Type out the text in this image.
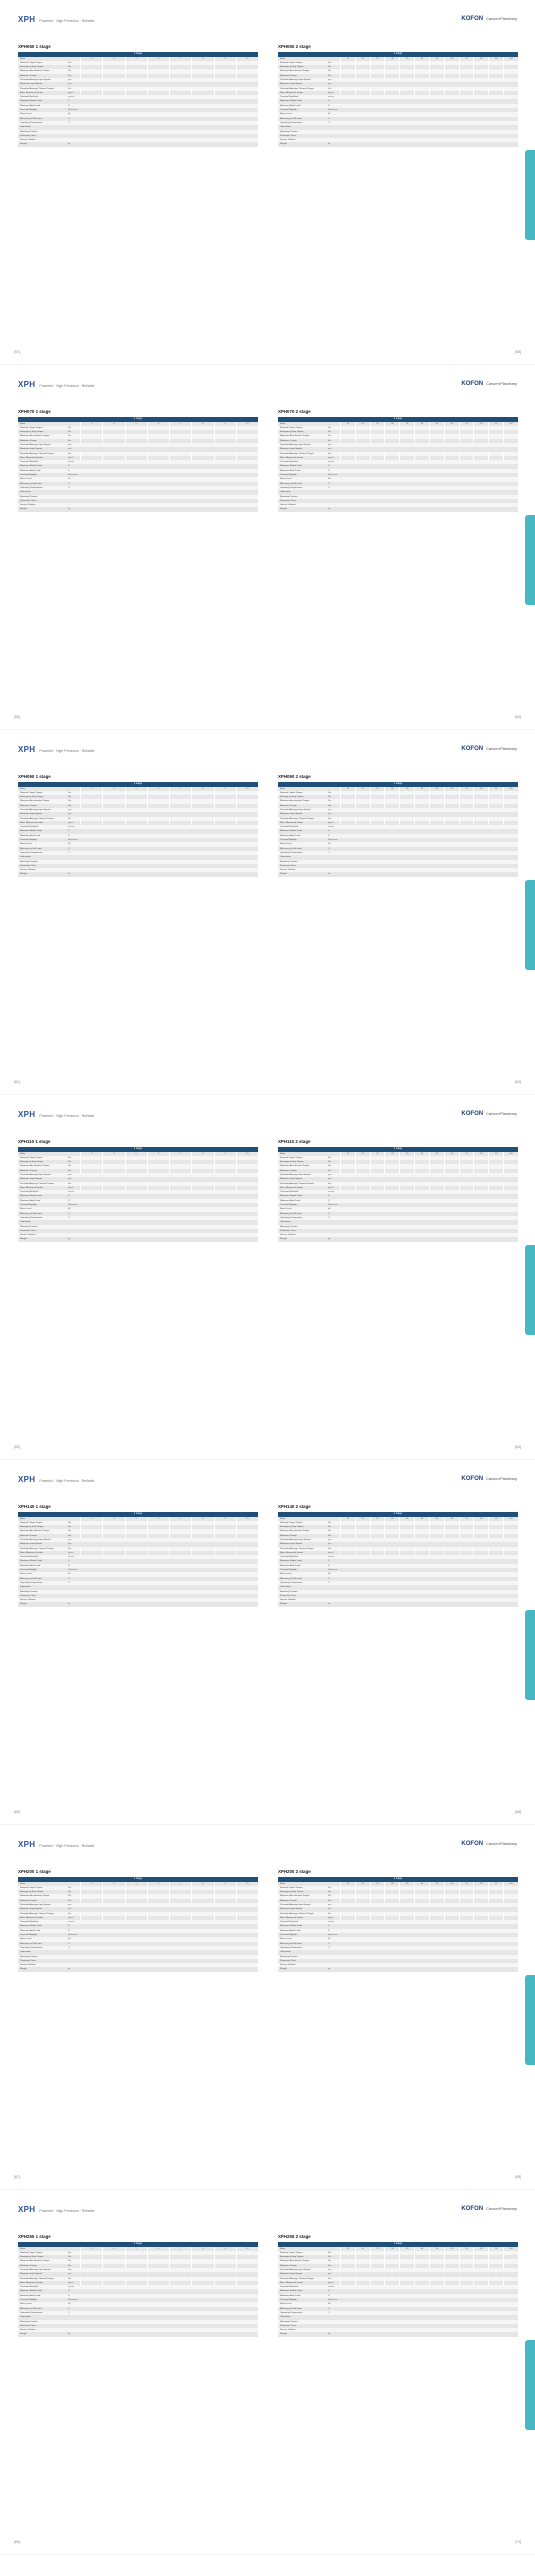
XPH Powerful · High Precision · Reliable	KOFON Cancer/Planetary
XPH050 1 stage
1 stage
Ratio	3	4	5	6	7	8	9	10
Nominal Output Torque	Nm
Emergency Stop Torque	Nm
Maximum Acceleration Torque	Nm
Maximum Torque	Nm
Permitted Average Input Speed	rpm
Maximum Input Speed	rpm
Permitted Average Thermal Torque	Nm
Mass Moment of Inertia	kgcm²
Torsional Backlash	arcmin
Maximum Radial Load	N
Maximum Axial Load	N
Torsional Rigidity	Nm/arcmin
Noise Level	dB
Efficiency at Full Load	%
Operating Temperature	°C
Lubrication
Mounting Position
Protection Class
Service Lifetime
Weight	kg
XPH050 2 stage
1 stage
Ratio	15	20	25	30	35	40	50	60	70	80	90	100
Nominal Output Torque	Nm
Emergency Stop Torque	Nm
Maximum Acceleration Torque	Nm
Maximum Torque	Nm
Permitted Average Input Speed	rpm
Maximum Input Speed	rpm
Permitted Average Thermal Torque	Nm
Mass Moment of Inertia	kgcm²
Torsional Backlash	arcmin
Maximum Radial Load	N
Maximum Axial Load	N
Torsional Rigidity	Nm/arcmin
Noise Level	dB
Efficiency at Full Load	%
Operating Temperature	°C
Lubrication
Mounting Position
Protection Class
Service Lifetime
Weight	kg
[57]	[58]
XPH Powerful · High Precision · Reliable	KOFON Cancer/Planetary
XPH070 1 stage
1 stage
Ratio	3	4	5	6	7	8	9	10
Nominal Output Torque	Nm
Emergency Stop Torque	Nm
Maximum Acceleration Torque	Nm
Maximum Torque	Nm
Permitted Average Input Speed	rpm
Maximum Input Speed	rpm
Permitted Average Thermal Torque	Nm
Mass Moment of Inertia	kgcm²
Torsional Backlash	arcmin
Maximum Radial Load	N
Maximum Axial Load	N
Torsional Rigidity	Nm/arcmin
Noise Level	dB
Efficiency at Full Load	%
Operating Temperature	°C
Lubrication
Mounting Position
Protection Class
Service Lifetime
Weight	kg
XPH070 2 stage
1 stage
Ratio	15	20	25	30	35	40	50	60	70	80	90	100
Nominal Output Torque	Nm
Emergency Stop Torque	Nm
Maximum Acceleration Torque	Nm
Maximum Torque	Nm
Permitted Average Input Speed	rpm
Maximum Input Speed	rpm
Permitted Average Thermal Torque	Nm
Mass Moment of Inertia	kgcm²
Torsional Backlash	arcmin
Maximum Radial Load	N
Maximum Axial Load	N
Torsional Rigidity	Nm/arcmin
Noise Level	dB
Efficiency at Full Load	%
Operating Temperature	°C
Lubrication
Mounting Position
Protection Class
Service Lifetime
Weight	kg
[59]	[60]
XPH Powerful · High Precision · Reliable	KOFON Cancer/Planetary
XPH090 1 stage
1 stage
Ratio	3	4	5	6	7	8	9	10
Nominal Output Torque	Nm
Emergency Stop Torque	Nm
Maximum Acceleration Torque	Nm
Maximum Torque	Nm
Permitted Average Input Speed	rpm
Maximum Input Speed	rpm
Permitted Average Thermal Torque	Nm
Mass Moment of Inertia	kgcm²
Torsional Backlash	arcmin
Maximum Radial Load	N
Maximum Axial Load	N
Torsional Rigidity	Nm/arcmin
Noise Level	dB
Efficiency at Full Load	%
Operating Temperature	°C
Lubrication
Mounting Position
Protection Class
Service Lifetime
Weight	kg
XPH090 2 stage
1 stage
Ratio	15	20	25	30	35	40	50	60	70	80	90	100
Nominal Output Torque	Nm
Emergency Stop Torque	Nm
Maximum Acceleration Torque	Nm
Maximum Torque	Nm
Permitted Average Input Speed	rpm
Maximum Input Speed	rpm
Permitted Average Thermal Torque	Nm
Mass Moment of Inertia	kgcm²
Torsional Backlash	arcmin
Maximum Radial Load	N
Maximum Axial Load	N
Torsional Rigidity	Nm/arcmin
Noise Level	dB
Efficiency at Full Load	%
Operating Temperature	°C
Lubrication
Mounting Position
Protection Class
Service Lifetime
Weight	kg
[61]	[62]
XPH Powerful · High Precision · Reliable	KOFON Cancer/Planetary
XPH110 1 stage
1 stage
Ratio	3	4	5	6	7	8	9	10
Nominal Output Torque	Nm
Emergency Stop Torque	Nm
Maximum Acceleration Torque	Nm
Maximum Torque	Nm
Permitted Average Input Speed	rpm
Maximum Input Speed	rpm
Permitted Average Thermal Torque	Nm
Mass Moment of Inertia	kgcm²
Torsional Backlash	arcmin
Maximum Radial Load	N
Maximum Axial Load	N
Torsional Rigidity	Nm/arcmin
Noise Level	dB
Efficiency at Full Load	%
Operating Temperature	°C
Lubrication
Mounting Position
Protection Class
Service Lifetime
Weight	kg
XPH110 2 stage
1 stage
Ratio	15	20	25	30	35	40	50	60	70	80	90	100
Nominal Output Torque	Nm
Emergency Stop Torque	Nm
Maximum Acceleration Torque	Nm
Maximum Torque	Nm
Permitted Average Input Speed	rpm
Maximum Input Speed	rpm
Permitted Average Thermal Torque	Nm
Mass Moment of Inertia	kgcm²
Torsional Backlash	arcmin
Maximum Radial Load	N
Maximum Axial Load	N
Torsional Rigidity	Nm/arcmin
Noise Level	dB
Efficiency at Full Load	%
Operating Temperature	°C
Lubrication
Mounting Position
Protection Class
Service Lifetime
Weight	kg
[63]	[64]
XPH Powerful · High Precision · Reliable	KOFON Cancer/Planetary
XPH140 1 stage
1 stage
Ratio	3	4	5	6	7	8	9	10
Nominal Output Torque	Nm
Emergency Stop Torque	Nm
Maximum Acceleration Torque	Nm
Maximum Torque	Nm
Permitted Average Input Speed	rpm
Maximum Input Speed	rpm
Permitted Average Thermal Torque	Nm
Mass Moment of Inertia	kgcm²
Torsional Backlash	arcmin
Maximum Radial Load	N
Maximum Axial Load	N
Torsional Rigidity	Nm/arcmin
Noise Level	dB
Efficiency at Full Load	%
Operating Temperature	°C
Lubrication
Mounting Position
Protection Class
Service Lifetime
Weight	kg
XPH140 2 stage
1 stage
Ratio	15	20	25	30	35	40	50	60	70	80	90	100
Nominal Output Torque	Nm
Emergency Stop Torque	Nm
Maximum Acceleration Torque	Nm
Maximum Torque	Nm
Permitted Average Input Speed	rpm
Maximum Input Speed	rpm
Permitted Average Thermal Torque	Nm
Mass Moment of Inertia	kgcm²
Torsional Backlash	arcmin
Maximum Radial Load	N
Maximum Axial Load	N
Torsional Rigidity	Nm/arcmin
Noise Level	dB
Efficiency at Full Load	%
Operating Temperature	°C
Lubrication
Mounting Position
Protection Class
Service Lifetime
Weight	kg
[65]	[66]
XPH Powerful · High Precision · Reliable	KOFON Cancer/Planetary
XPH200 1 stage
1 stage
Ratio	3	4	5	6	7	8	9	10
Nominal Output Torque	Nm
Emergency Stop Torque	Nm
Maximum Acceleration Torque	Nm
Maximum Torque	Nm
Permitted Average Input Speed	rpm
Maximum Input Speed	rpm
Permitted Average Thermal Torque	Nm
Mass Moment of Inertia	kgcm²
Torsional Backlash	arcmin
Maximum Radial Load	N
Maximum Axial Load	N
Torsional Rigidity	Nm/arcmin
Noise Level	dB
Efficiency at Full Load	%
Operating Temperature	°C
Lubrication
Mounting Position
Protection Class
Service Lifetime
Weight	kg
XPH200 2 stage
1 stage
Ratio	15	20	25	30	35	40	50	60	70	80	90	100
Nominal Output Torque	Nm
Emergency Stop Torque	Nm
Maximum Acceleration Torque	Nm
Maximum Torque	Nm
Permitted Average Input Speed	rpm
Maximum Input Speed	rpm
Permitted Average Thermal Torque	Nm
Mass Moment of Inertia	kgcm²
Torsional Backlash	arcmin
Maximum Radial Load	N
Maximum Axial Load	N
Torsional Rigidity	Nm/arcmin
Noise Level	dB
Efficiency at Full Load	%
Operating Temperature	°C
Lubrication
Mounting Position
Protection Class
Service Lifetime
Weight	kg
[67]	[68]
XPH Powerful · High Precision · Reliable	KOFON Cancer/Planetary
XPH255 1 stage
1 stage
Ratio	3	4	5	6	7	8	9	10
Nominal Output Torque	Nm
Emergency Stop Torque	Nm
Maximum Acceleration Torque	Nm
Maximum Torque	Nm
Permitted Average Input Speed	rpm
Maximum Input Speed	rpm
Permitted Average Thermal Torque	Nm
Mass Moment of Inertia	kgcm²
Torsional Backlash	arcmin
Maximum Radial Load	N
Maximum Axial Load	N
Torsional Rigidity	Nm/arcmin
Noise Level	dB
Efficiency at Full Load	%
Operating Temperature	°C
Lubrication
Mounting Position
Protection Class
Service Lifetime
Weight	kg
XPH255 2 stage
1 stage
Ratio	15	20	25	30	35	40	50	60	70	80	90	100
Nominal Output Torque	Nm
Emergency Stop Torque	Nm
Maximum Acceleration Torque	Nm
Maximum Torque	Nm
Permitted Average Input Speed	rpm
Maximum Input Speed	rpm
Permitted Average Thermal Torque	Nm
Mass Moment of Inertia	kgcm²
Torsional Backlash	arcmin
Maximum Radial Load	N
Maximum Axial Load	N
Torsional Rigidity	Nm/arcmin
Noise Level	dB
Efficiency at Full Load	%
Operating Temperature	°C
Lubrication
Mounting Position
Protection Class
Service Lifetime
Weight	kg
[69]	[70]
